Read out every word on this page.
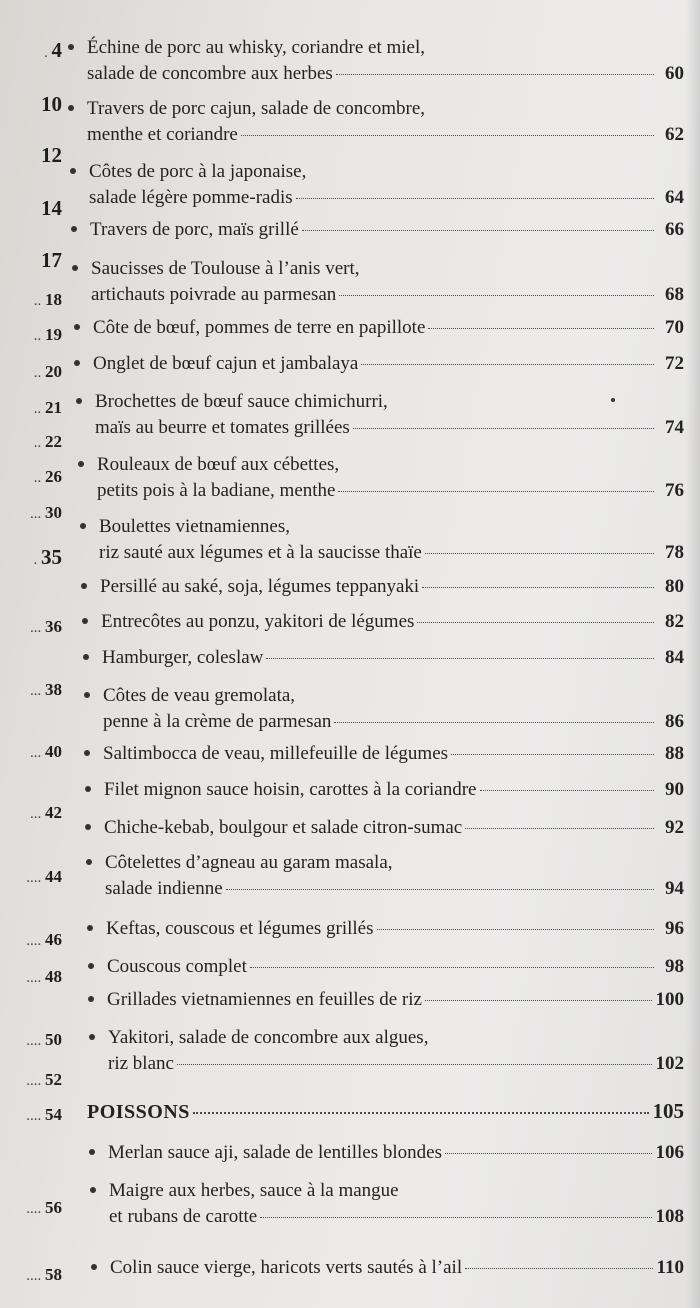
. 4
10
12
14
17
.. 18
.. 19
.. 20
.. 21
.. 22
.. 26
... 30
. 35
... 36
... 38
... 40
... 42
.... 44
.... 46
.... 48
.... 50
.... 52
.... 54
.... 56
.... 58
Échine de porc au whisky, coriandre et miel,
salade de concombre aux herbes	60
Travers de porc cajun, salade de concombre,
menthe et coriandre	62
Côtes de porc à la japonaise,
salade légère pomme-radis	64
Travers de porc, maïs grillé	66
Saucisses de Toulouse à l’anis vert,
artichauts poivrade au parmesan	68
Côte de bœuf, pommes de terre en papillote	70
Onglet de bœuf cajun et jambalaya	72
Brochettes de bœuf sauce chimichurri,
maïs au beurre et tomates grillées	74
Rouleaux de bœuf aux cébettes,
petits pois à la badiane, menthe	76
Boulettes vietnamiennes,
riz sauté aux légumes et à la saucisse thaïe	78
Persillé au saké, soja, légumes teppanyaki	80
Entrecôtes au ponzu, yakitori de légumes	82
Hamburger, coleslaw	84
Côtes de veau gremolata,
penne à la crème de parmesan	86
Saltimbocca de veau, millefeuille de légumes	88
Filet mignon sauce hoisin, carottes à la coriandre	90
Chiche-kebab, boulgour et salade citron-sumac	92
Côtelettes d’agneau au garam masala,
salade indienne	94
Keftas, couscous et légumes grillés	96
Couscous complet	98
Grillades vietnamiennes en feuilles de riz	100
Yakitori, salade de concombre aux algues,
riz blanc	102
POISSONS	105
Merlan sauce aji, salade de lentilles blondes	106
Maigre aux herbes, sauce à la mangue
et rubans de carotte	108
Colin sauce vierge, haricots verts sautés à l’ail	110
